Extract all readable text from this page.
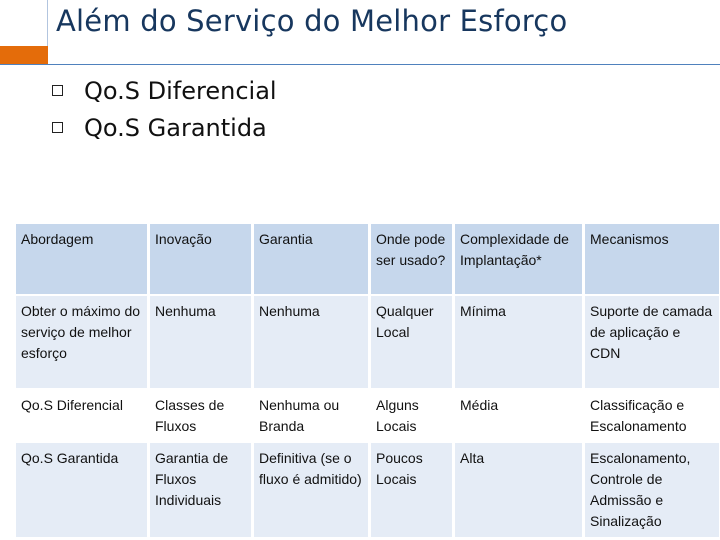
Além do Serviço do Melhor Esforço
Qo.S Diferencial
Qo.S Garantida
Abordagem	Inovação	Garantia	Onde pode ser usado?	Complexidade de Implantação*	Mecanismos
Obter o máximo do serviço de melhor esforço	Nenhuma	Nenhuma	Qualquer Local	Mínima	Suporte de camada de aplicação e CDN
Qo.S Diferencial	Classes de Fluxos	Nenhuma ou Branda	Alguns Locais	Média	Classificação e Escalonamento
Qo.S Garantida	Garantia de Fluxos Individuais	Definitiva (se o fluxo é admitido)	Poucos Locais	Alta	Escalonamento, Controle de Admissão e Sinalização
